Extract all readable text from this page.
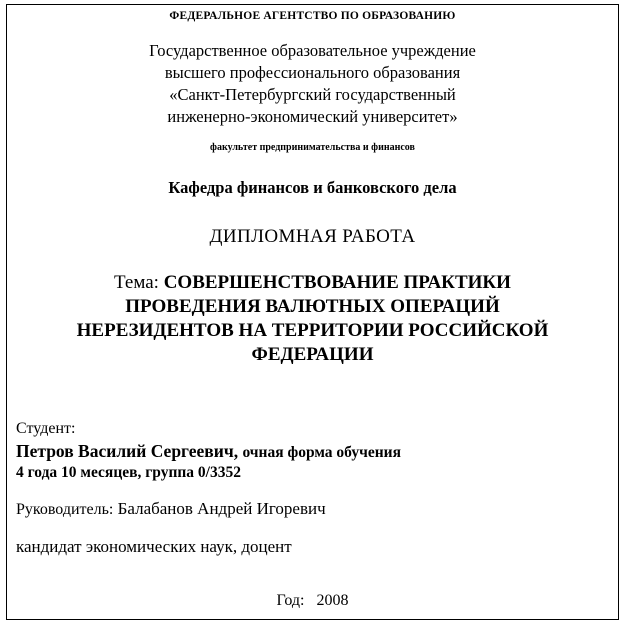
ФЕДЕРАЛЬНОЕ АГЕНТСТВО ПО ОБРАЗОВАНИЮ
Государственное образовательное учреждение
высшего профессионального образования
«Санкт-Петербургский государственный
инженерно-экономический университет»
факультет предпринимательства и финансов
Кафедра финансов и банковского дела
ДИПЛОМНАЯ РАБОТА
Тема: СОВЕРШЕНСТВОВАНИЕ ПРАКТИКИ
ПРОВЕДЕНИЯ ВАЛЮТНЫХ ОПЕРАЦИЙ
НЕРЕЗИДЕНТОВ НА ТЕРРИТОРИИ РОССИЙСКОЙ
ФЕДЕРАЦИИ
Студент:
Петров Василий Сергеевич, очная форма обучения
4 года 10 месяцев, группа 0/3352
Руководитель: Балабанов Андрей Игоревич
кандидат экономических наук, доцент
Год: 2008
